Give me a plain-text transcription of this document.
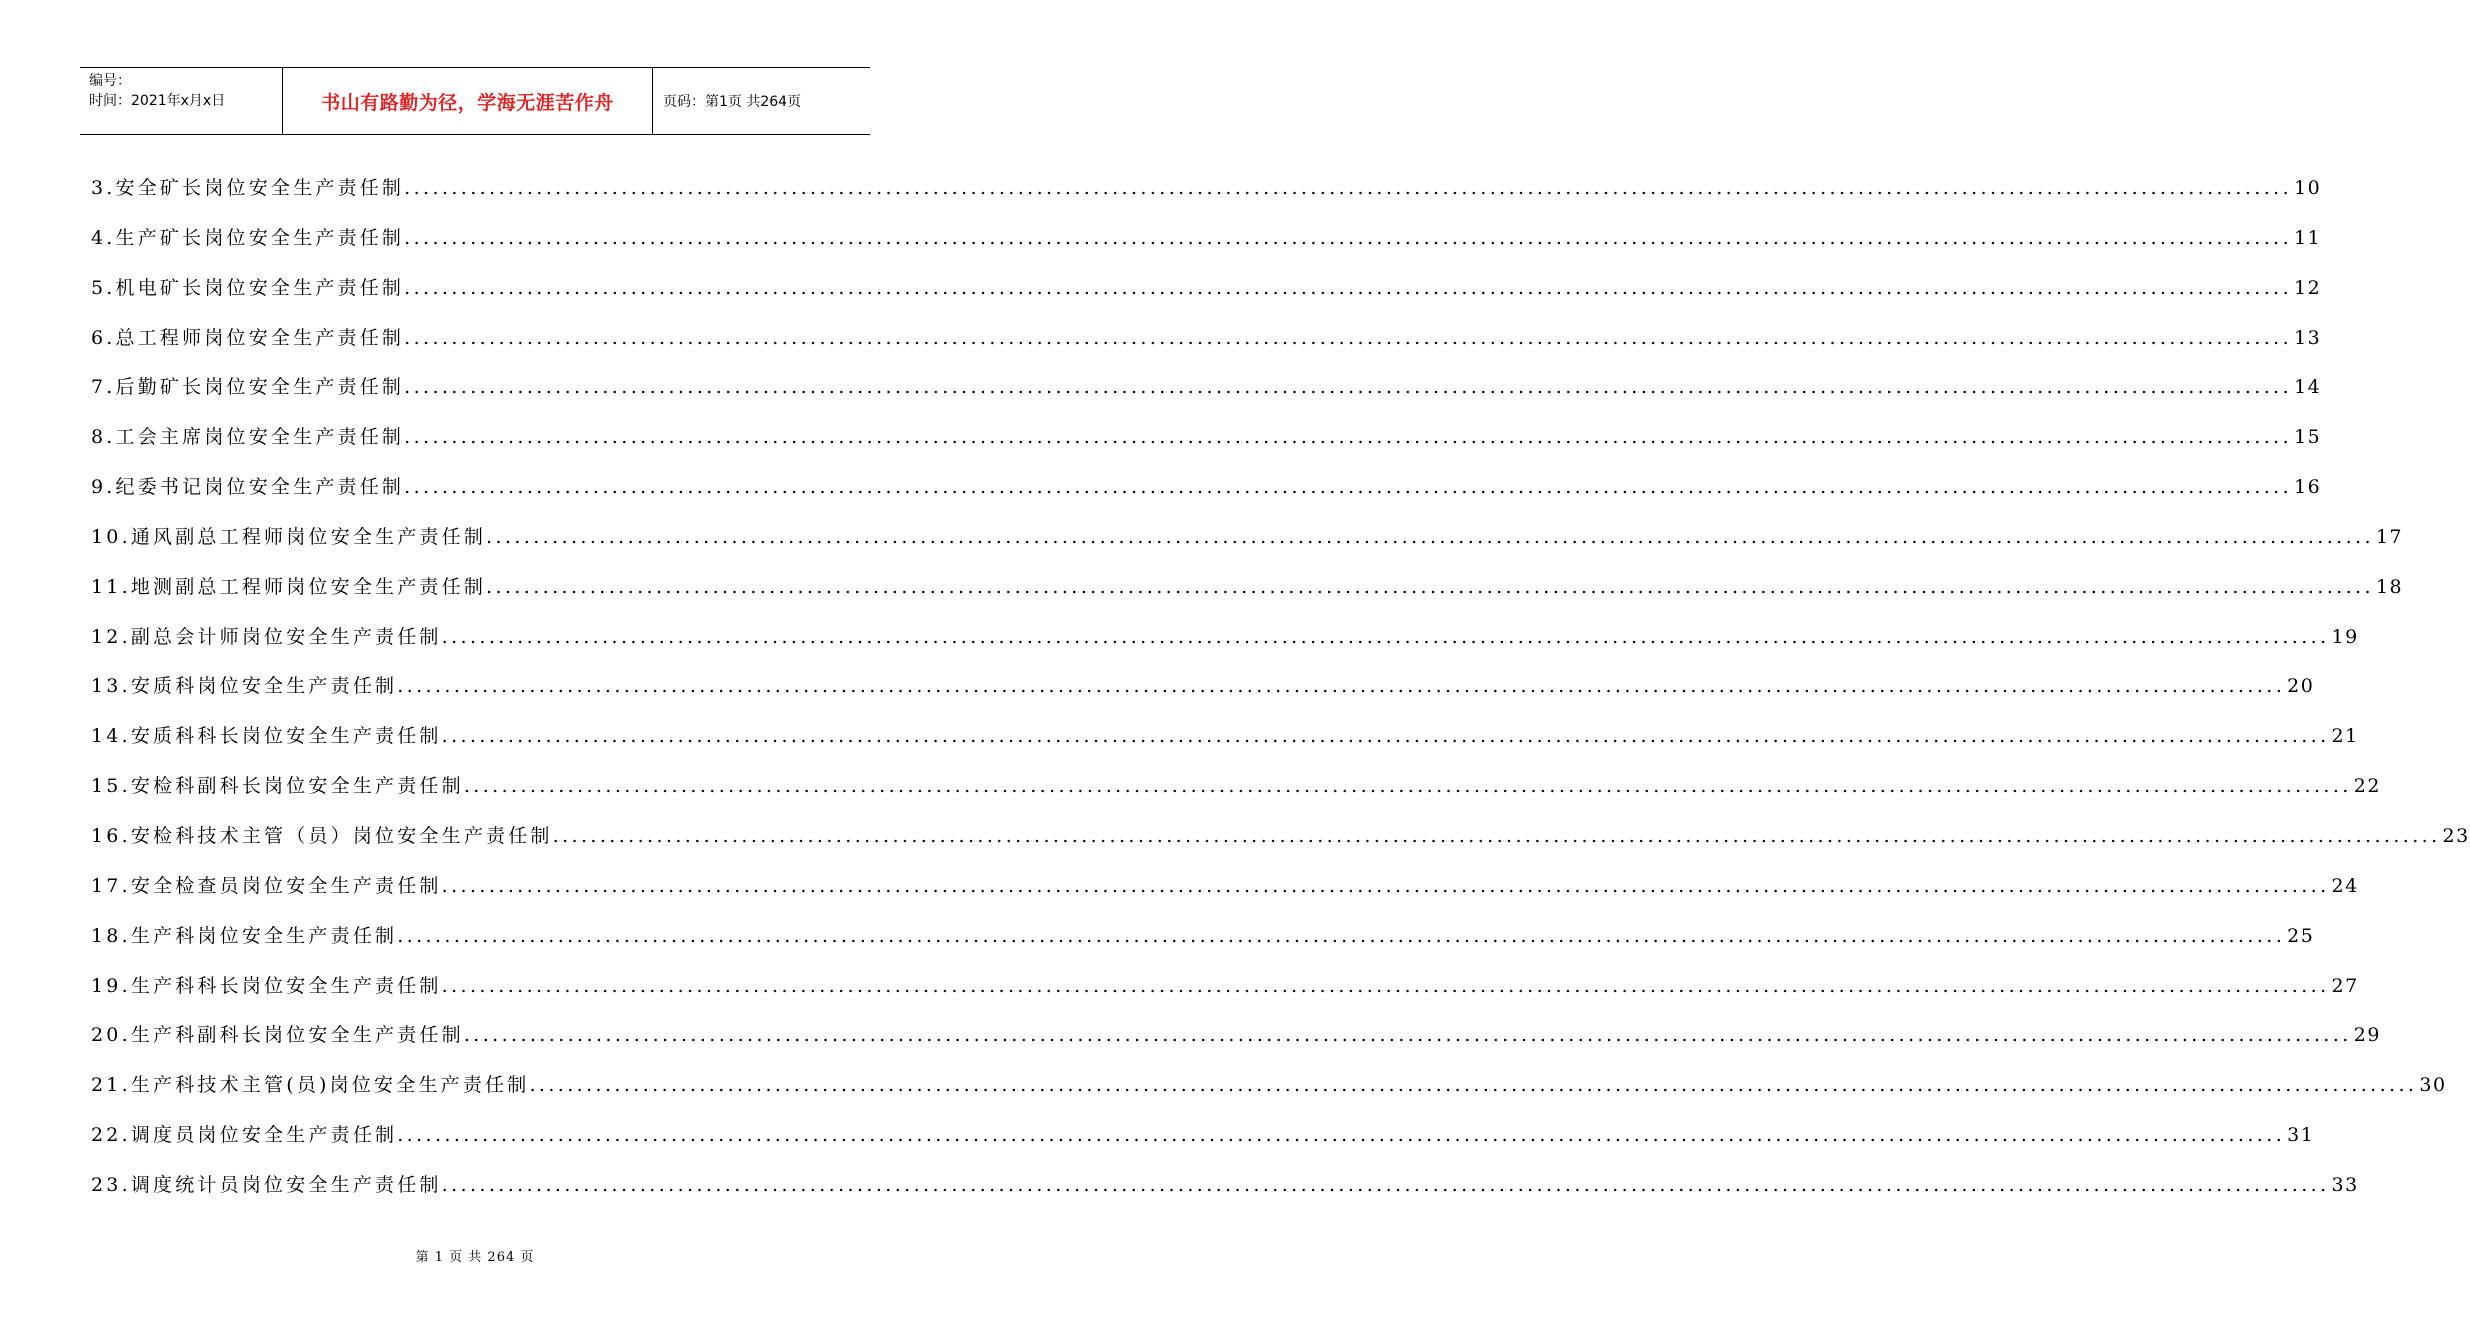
编号：
时间：2021年x月x日	书山有路勤为径，学海无涯苦作舟	页码：第1页 共264页
3.安全矿长岗位安全生产责任制 ........................................................................................................................................................................................................ 10
4.生产矿长岗位安全生产责任制 ........................................................................................................................................................................................................ 11
5.机电矿长岗位安全生产责任制 ........................................................................................................................................................................................................ 12
6.总工程师岗位安全生产责任制 ........................................................................................................................................................................................................ 13
7.后勤矿长岗位安全生产责任制 ........................................................................................................................................................................................................ 14
8.工会主席岗位安全生产责任制 ........................................................................................................................................................................................................ 15
9.纪委书记岗位安全生产责任制 ........................................................................................................................................................................................................ 16
10.通风副总工程师岗位安全生产责任制 ........................................................................................................................................................................................................ 17
11.地测副总工程师岗位安全生产责任制 ........................................................................................................................................................................................................ 18
12.副总会计师岗位安全生产责任制 ........................................................................................................................................................................................................ 19
13.安质科岗位安全生产责任制 ........................................................................................................................................................................................................ 20
14.安质科科长岗位安全生产责任制 ........................................................................................................................................................................................................ 21
15.安检科副科长岗位安全生产责任制 ........................................................................................................................................................................................................ 22
16.安检科技术主管（员）岗位安全生产责任制 ........................................................................................................................................................................................................ 23
17.安全检查员岗位安全生产责任制 ........................................................................................................................................................................................................ 24
18.生产科岗位安全生产责任制 ........................................................................................................................................................................................................ 25
19.生产科科长岗位安全生产责任制 ........................................................................................................................................................................................................ 27
20.生产科副科长岗位安全生产责任制 ........................................................................................................................................................................................................ 29
21.生产科技术主管(员)岗位安全生产责任制 ........................................................................................................................................................................................................ 30
22.调度员岗位安全生产责任制 ........................................................................................................................................................................................................ 31
23.调度统计员岗位安全生产责任制 ........................................................................................................................................................................................................ 33
第 1 页 共 264 页
